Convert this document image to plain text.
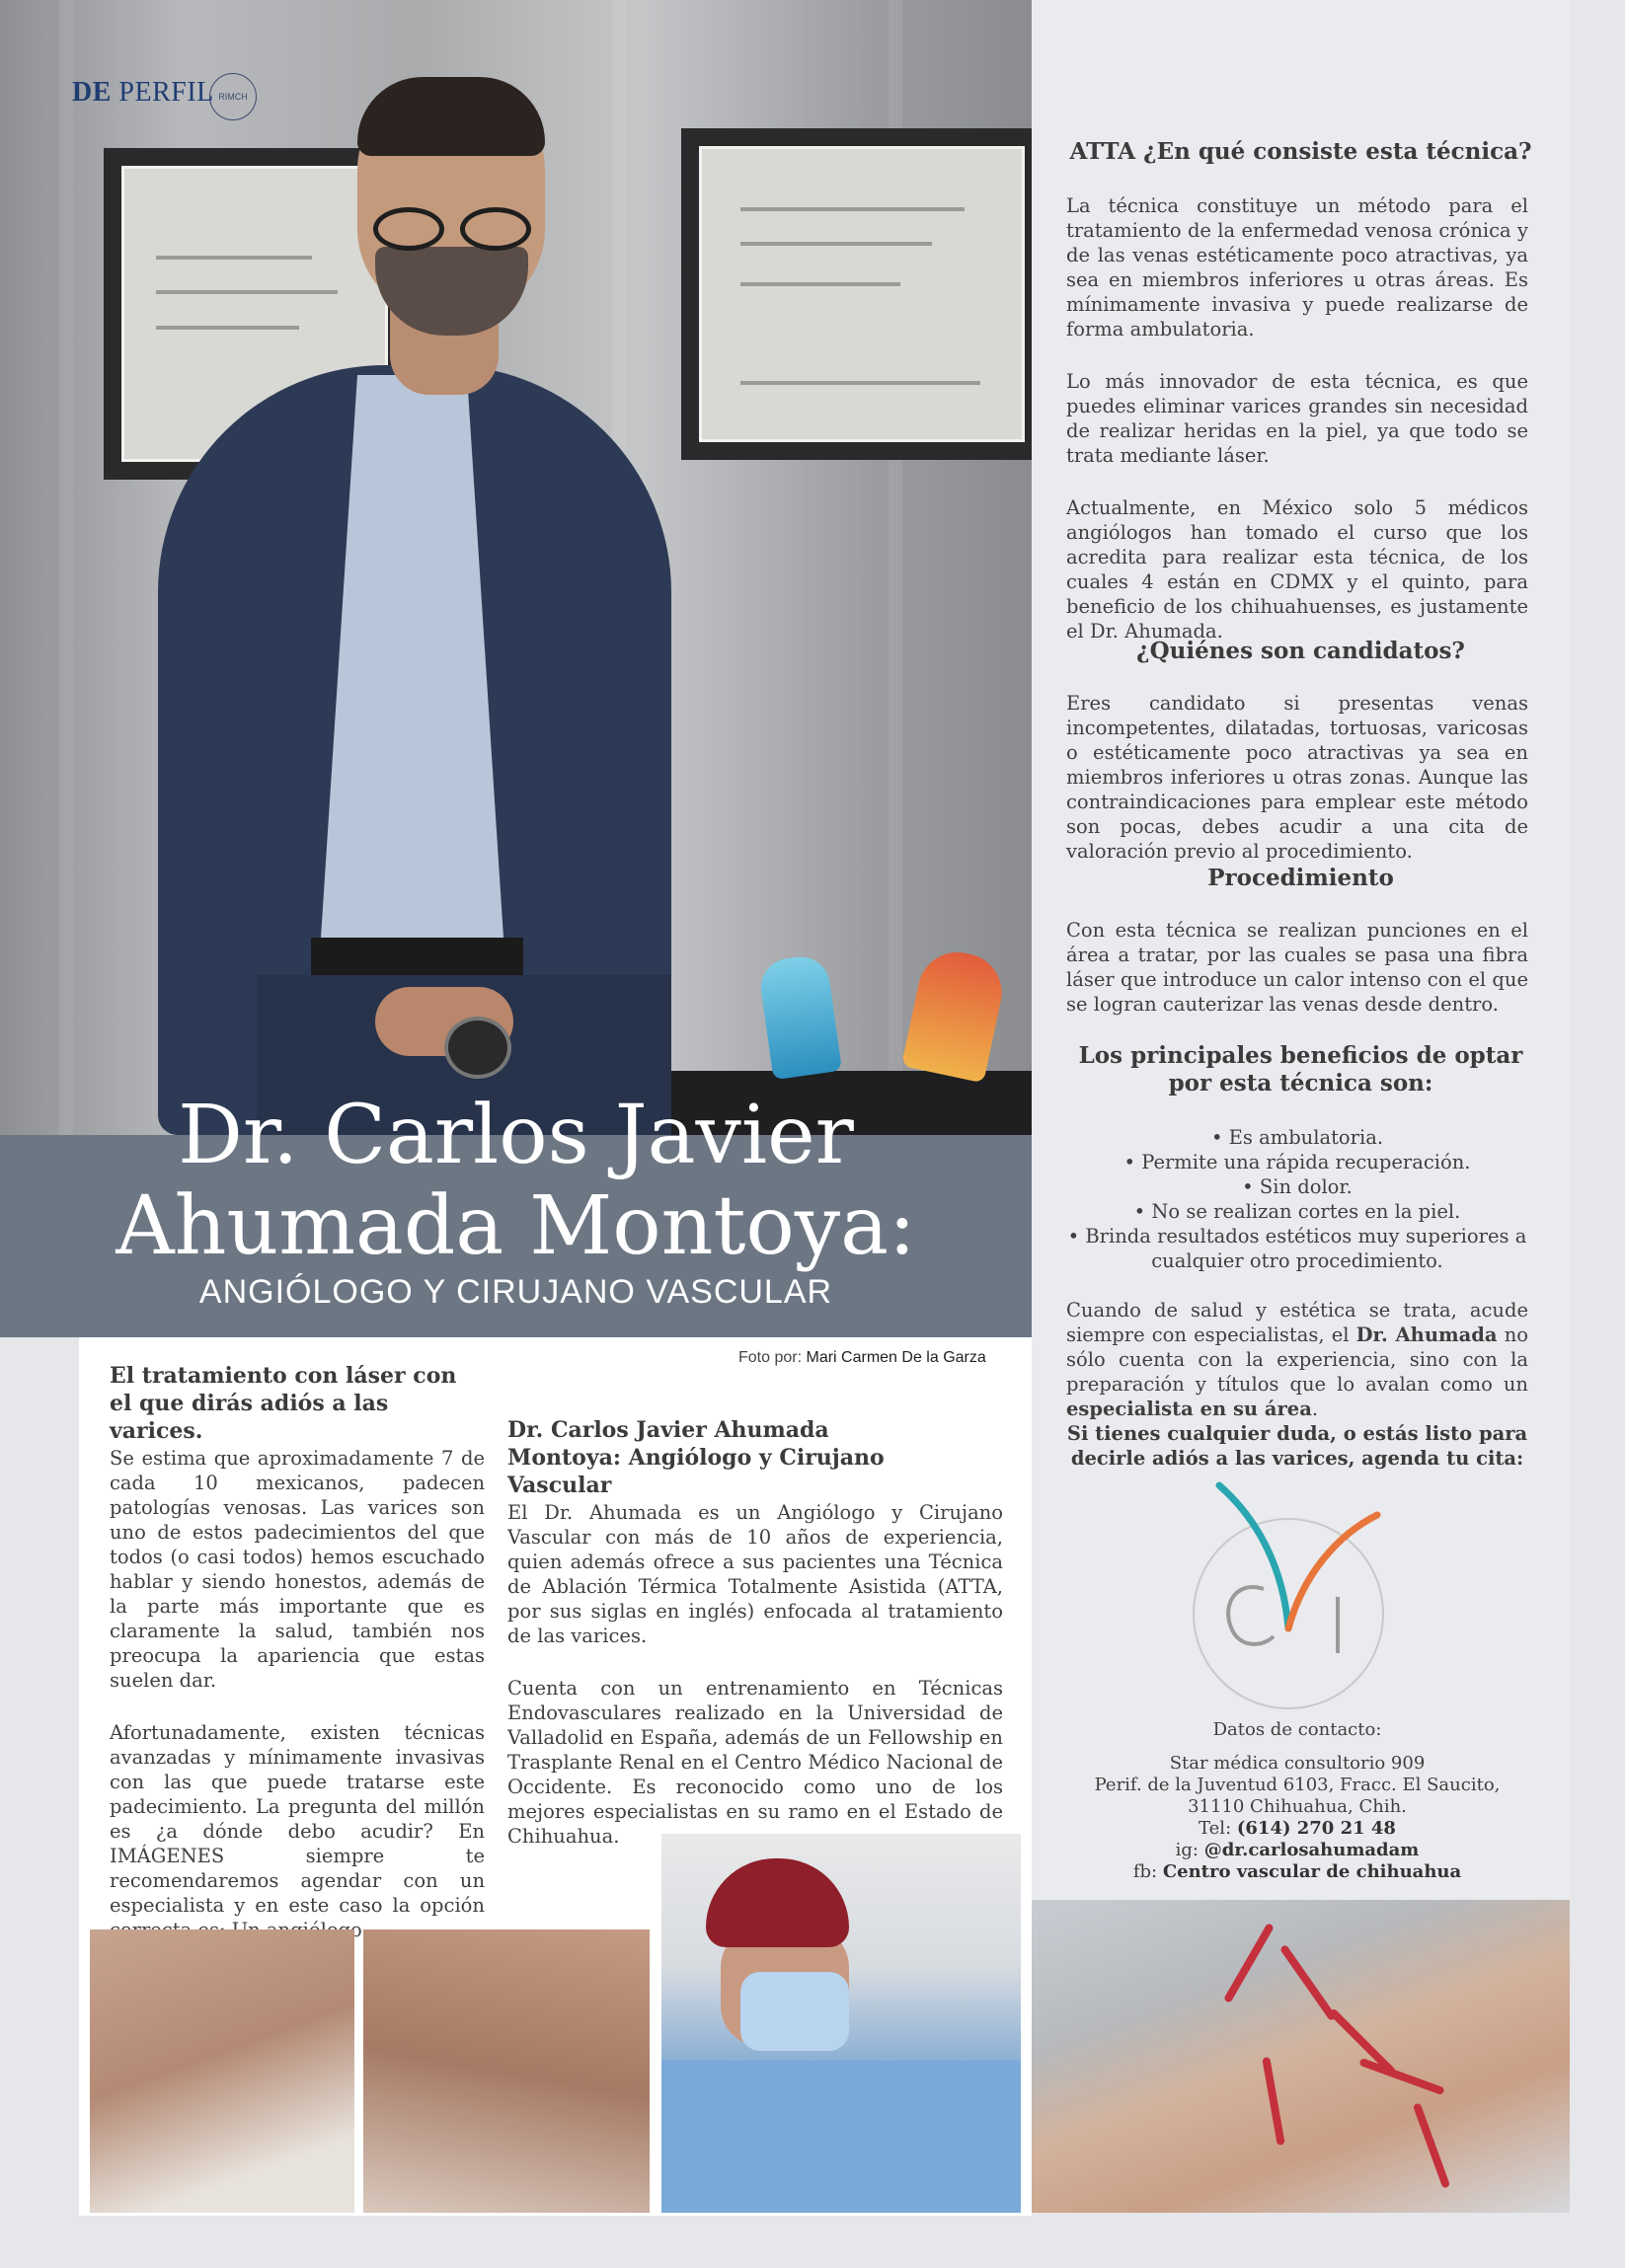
DE PERFIL RIMCH
Dr. Carlos Javier
Ahumada Montoya:
ANGIÓLOGO Y CIRUJANO VASCULAR
Foto por: Mari Carmen De la Garza
El tratamiento con láser con el que dirás adiós a las varices.

Se estima que aproximadamente 7 de cada 10 mexicanos, padecen patologías venosas. Las varices son uno de estos padecimientos del que todos (o casi todos) hemos escuchado hablar y siendo honestos, además de la parte más importante que es claramente la salud, también nos preocupa la apariencia que estas suelen dar.

Afortunadamente, existen técnicas avanzadas y mínimamente invasivas con las que puede tratarse este padecimiento. La pregunta del millón es ¿a dónde debo acudir? En IMÁGENES siempre te recomendaremos agendar con un especialista y en este caso la opción

Dr. Carlos Javier Ahumada Montoya: Angiólogo y Cirujano Vascular

El Dr. Ahumada es un Angiólogo y Cirujano Vascular con más de 10 años de experiencia, quien además ofrece a sus pacientes una Técnica de Ablación Térmica Totalmente Asistida (ATTA, por sus siglas en inglés) enfocada al tratamiento de las varices.

Cuenta con un entrenamiento en Técnicas Endovasculares realizado en la Universidad de Valladolid en España, además de un Fellowship en Trasplante Renal en el Centro Médico Nacional de Occidente. Es reconocido como uno de los mejores especialistas en su ramo en el Estado de Chihuahua.

ATTA ¿En qué consiste esta técnica?

La técnica constituye un método para el tratamiento de la enfermedad venosa crónica y de las venas estéticamente poco atractivas, ya sea en miembros inferiores u otras áreas. Es mínimamente invasiva y puede realizarse de forma ambulatoria.

Lo más innovador de esta técnica, es que puedes eliminar varices grandes sin necesidad de realizar heridas en la piel, ya que todo se trata mediante láser.

Actualmente, en México solo 5 médicos angiólogos han tomado el curso que los acredita para realizar esta técnica, de los cuales 4 están en CDMX y el quinto, para beneficio de los chihuahuenses, es justamente el Dr. Ahumada.

¿Quiénes son candidatos?
Eres candidato si presentas venas incompetentes, dilatadas, tortuosas, varicosas o estéticamente poco atractivas ya sea en miembros inferiores u otras zonas. Aunque las contraindicaciones para emplear este método son pocas, debes acudir a una cita de valoración previo al procedimiento.
Procedimiento
Con esta técnica se realizan punciones en el área a tratar, por las cuales se pasa una fibra láser que introduce un calor intenso con el que se logran cauterizar las venas desde dentro.
Los principales beneficios de optar por esta técnica son:
• Es ambulatoria.
• Permite una rápida recuperación.
• Sin dolor.
• No se realizan cortes en la piel.
• Brinda resultados estéticos muy superiores a cualquier otro procedimiento.
Cuando de salud y estética se trata, acude siempre con especialistas, el Dr. Ahumada no sólo cuenta con la experiencia, sino con la preparación y títulos que lo avalan como un especialista en su área.
Si tienes cualquier duda, o estás listo para decirle adiós a las varices, agenda tu cita:
Datos de contacto:
Star médica consultorio 909
Perif. de la Juventud 6103, Fracc. El Saucito,
31110 Chihuahua, Chih.
Tel: (614) 270 21 48
ig: @dr.carlosahumadam
fb: Centro vascular de chihuahua
